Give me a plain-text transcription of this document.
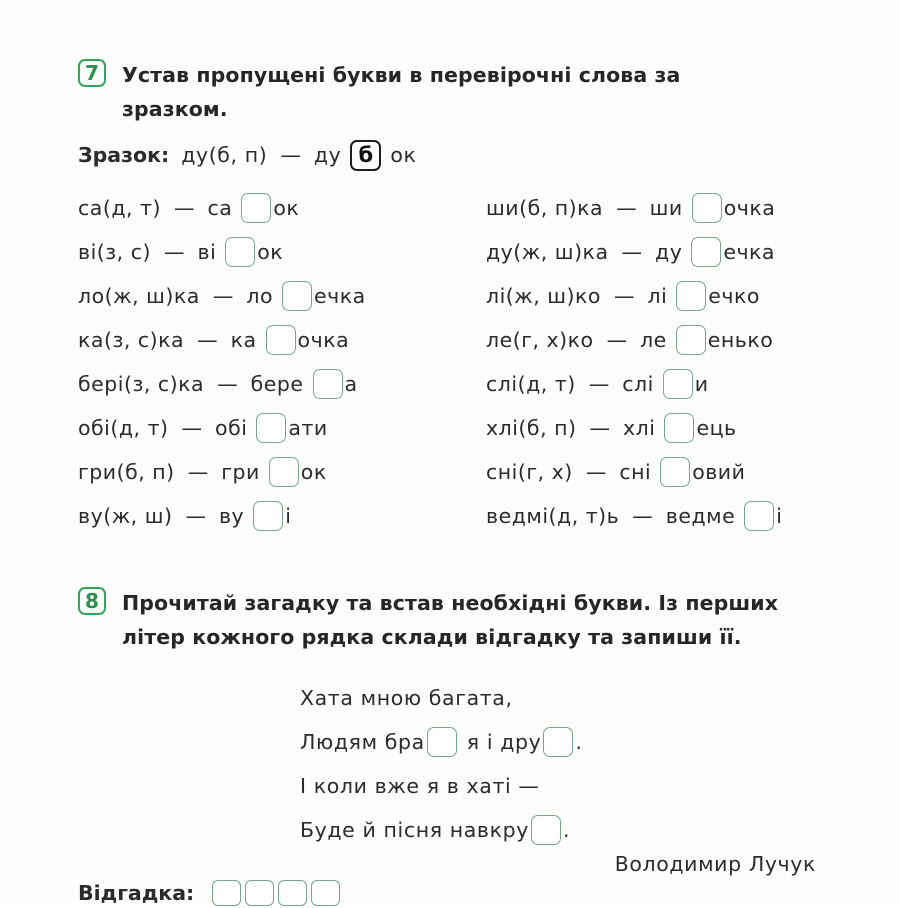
7	Устав пропущені букви в перевірочні слова за
зразком.
Зразок: ду(б, п) — ду б ок
са(д, т) — са ок
ві(з, с) — ві ок
ло(ж, ш)ка — ло ечка
ка(з, с)ка — ка очка
бері(з, с)ка — бере а
обі(д, т) — обі ати
гри(б, п) — гри ок
ву(ж, ш) — ву і
ши(б, п)ка — ши очка
ду(ж, ш)ка — ду ечка
лі(ж, ш)ко — лі ечко
ле(г, х)ко — ле енько
слі(д, т) — слі и
хлі(б, п) — хлі ець
сні(г, х) — сні овий
ведмі(д, т)ь — ведме і
8	Прочитай загадку та встав необхідні букви. Із перших
літер кожного рядка склади відгадку та запиши її.
Хата мною багата,
Людям бра я і дру .
І коли вже я в хаті —
Буде й пісня навкру .
Володимир Лучук
Відгадка:
